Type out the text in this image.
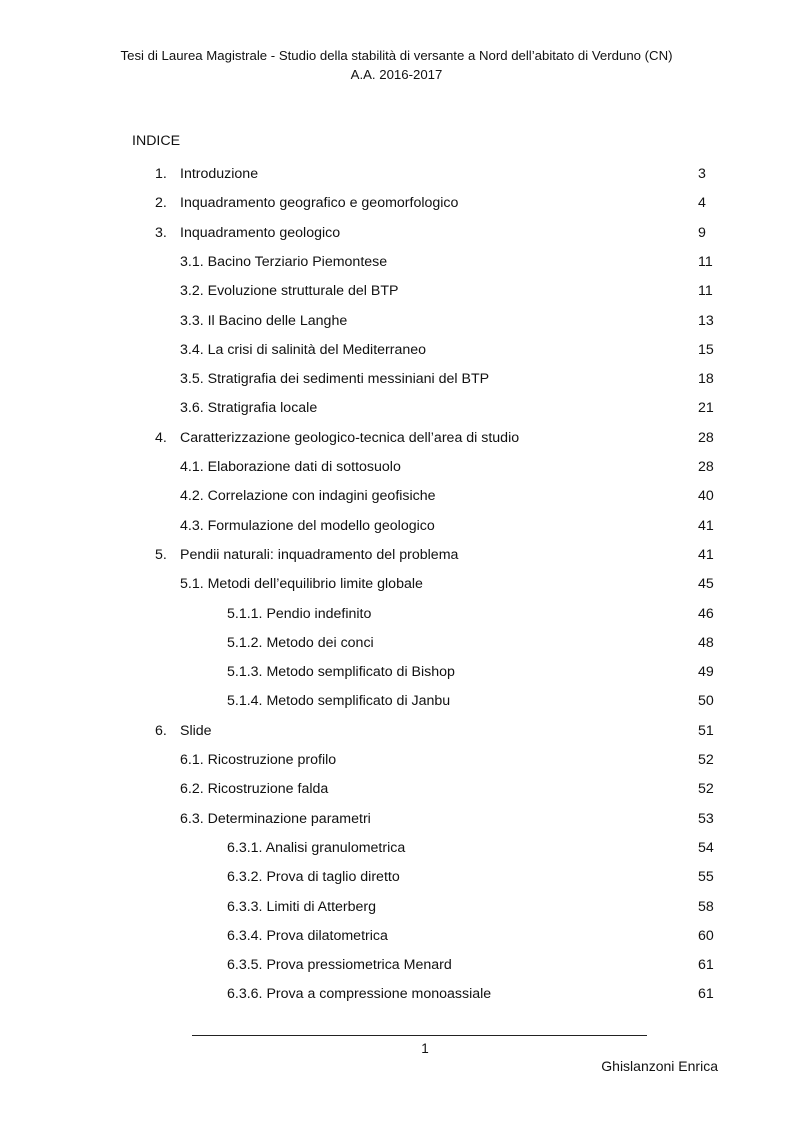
Tesi di Laurea Magistrale - Studio della stabilità di versante a Nord dell’abitato di Verduno (CN)
A.A. 2016-2017
INDICE
1. Introduzione	3
2. Inquadramento geografico e geomorfologico	4
3. Inquadramento geologico	9
3.1. Bacino Terziario Piemontese	11
3.2. Evoluzione strutturale del BTP	11
3.3. Il Bacino delle Langhe	13
3.4. La crisi di salinità del Mediterraneo	15
3.5. Stratigrafia dei sedimenti messiniani del BTP	18
3.6. Stratigrafia locale	21
4. Caratterizzazione geologico-tecnica dell’area di studio	28
4.1. Elaborazione dati di sottosuolo	28
4.2. Correlazione con indagini geofisiche	40
4.3. Formulazione del modello geologico	41
5. Pendii naturali: inquadramento del problema	41
5.1. Metodi dell’equilibrio limite globale	45
5.1.1. Pendio indefinito	46
5.1.2. Metodo dei conci	48
5.1.3. Metodo semplificato di Bishop	49
5.1.4. Metodo semplificato di Janbu	50
6. Slide	51
6.1. Ricostruzione profilo	52
6.2. Ricostruzione falda	52
6.3. Determinazione parametri	53
6.3.1. Analisi granulometrica	54
6.3.2. Prova di taglio diretto	55
6.3.3. Limiti di Atterberg	58
6.3.4. Prova dilatometrica	60
6.3.5. Prova pressiometrica Menard	61
6.3.6. Prova a compressione monoassiale	61
1
Ghislanzoni Enrica
